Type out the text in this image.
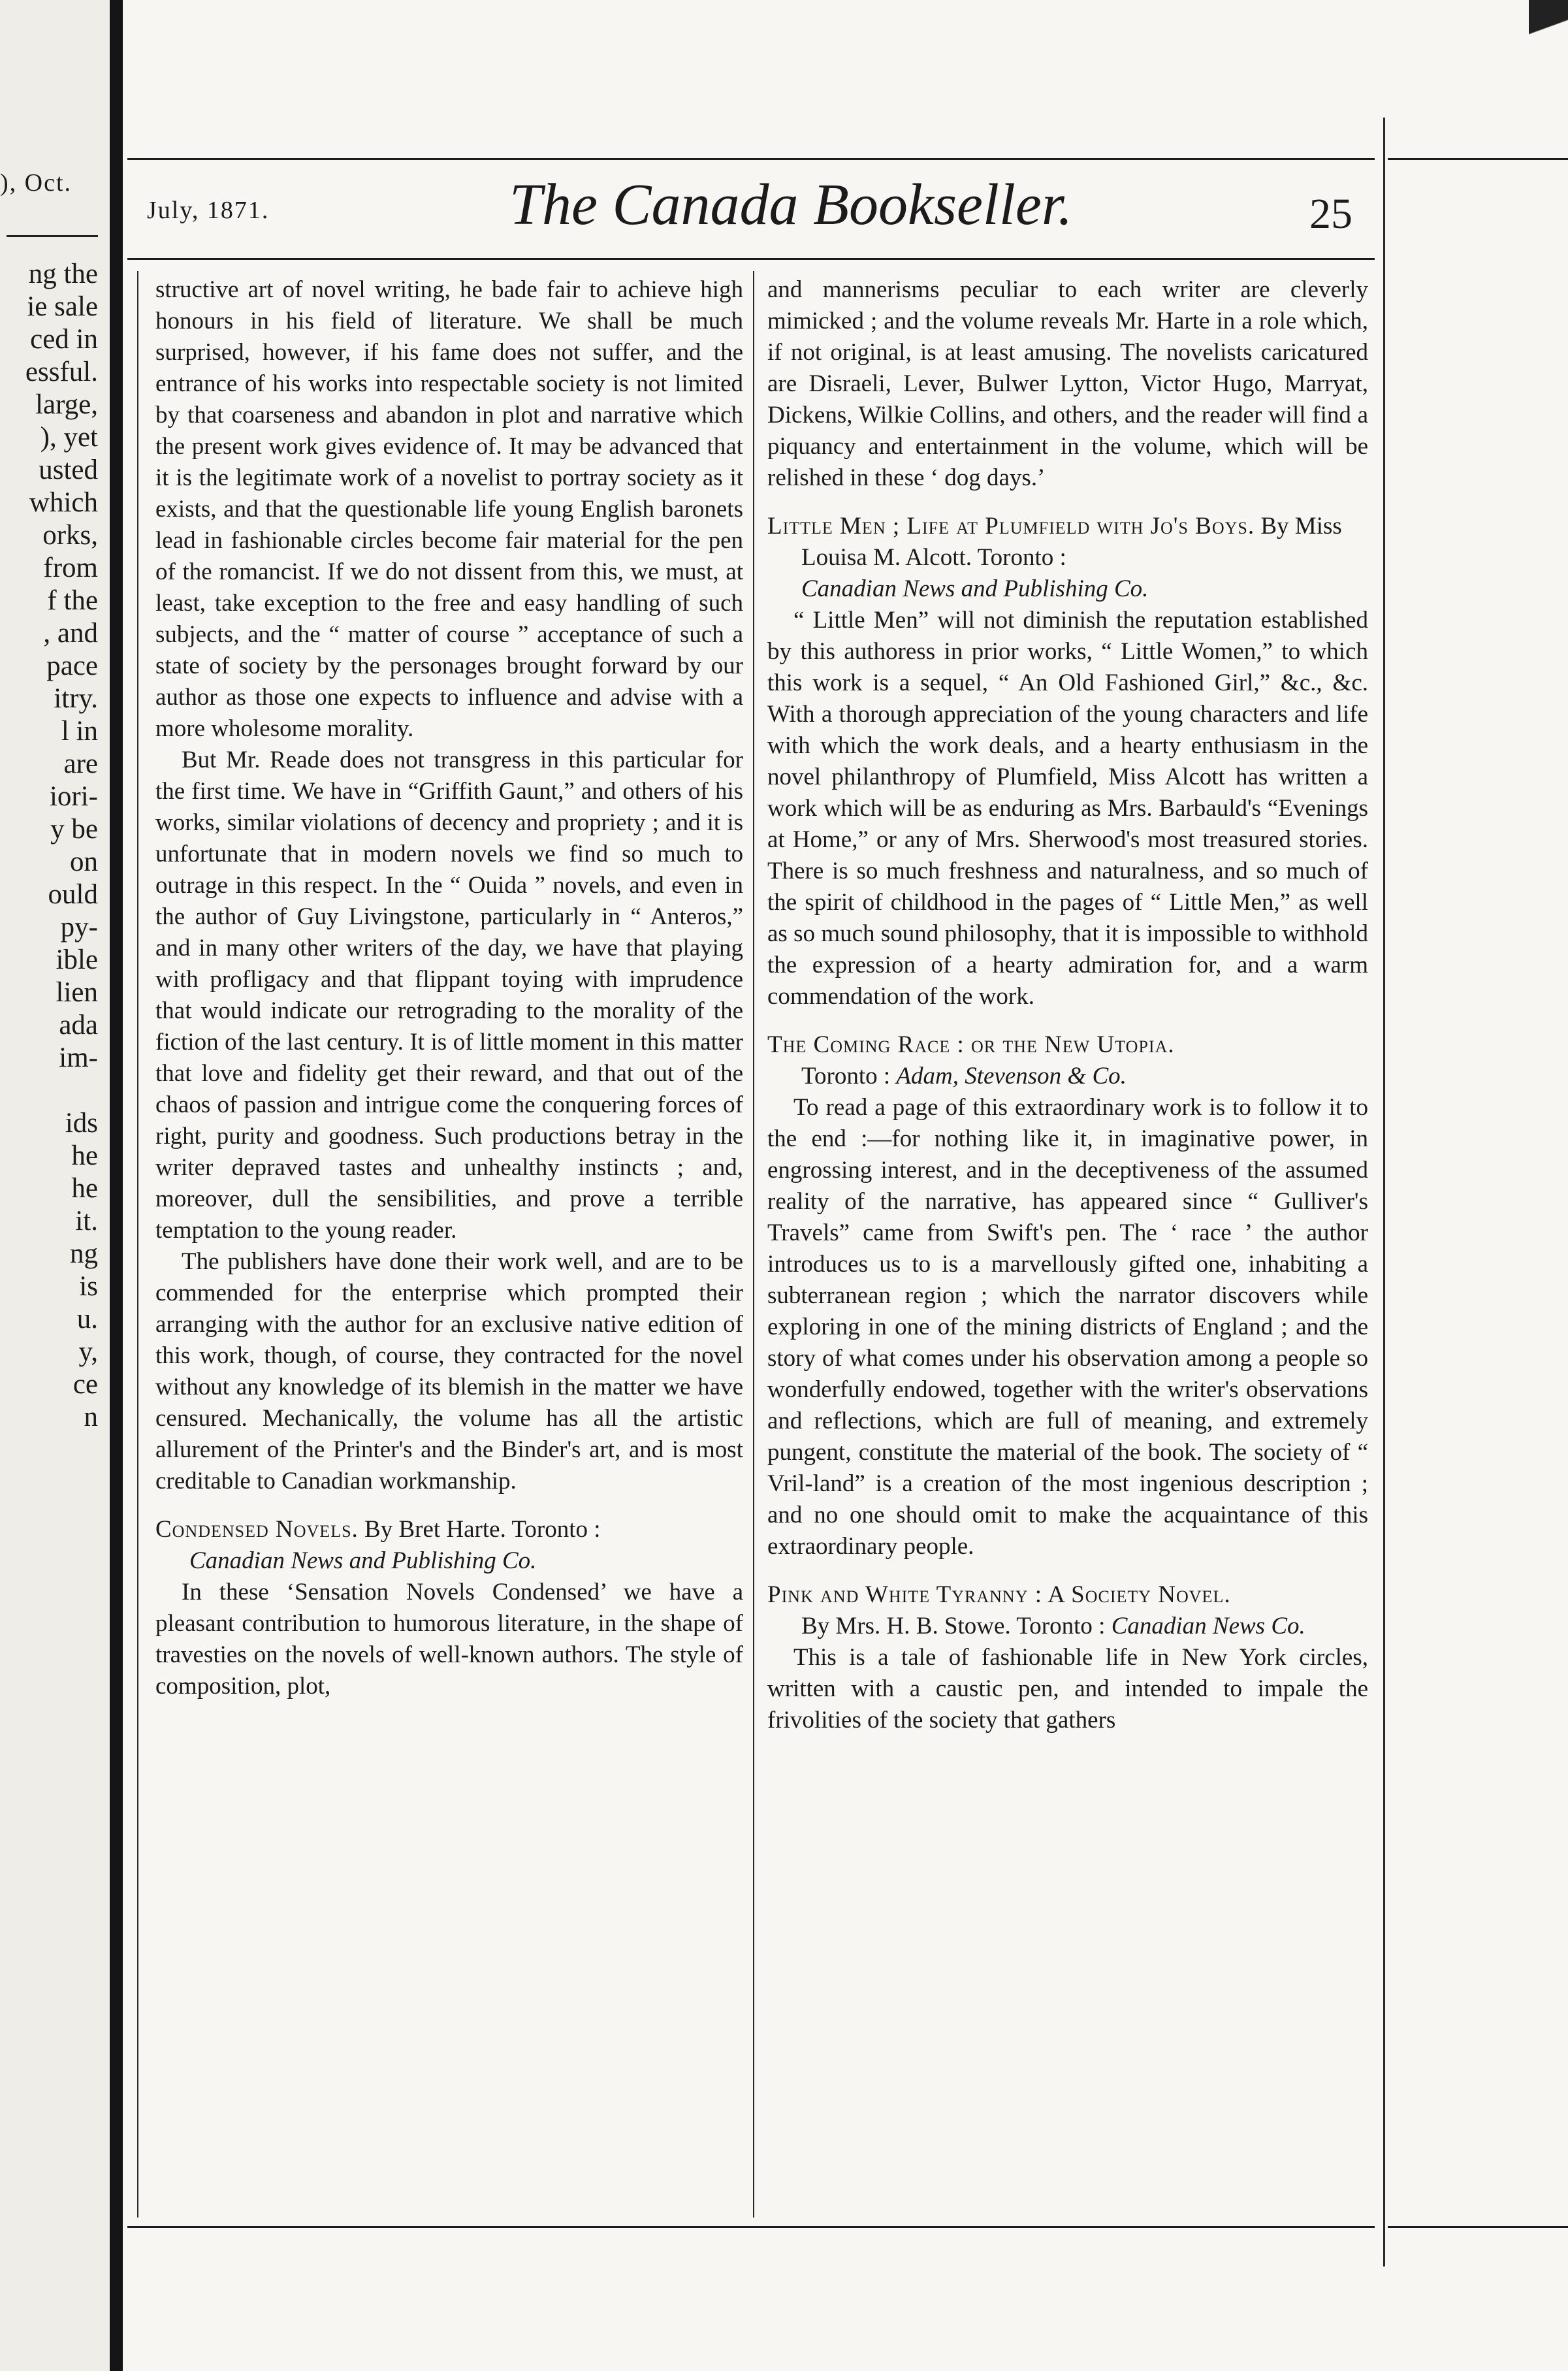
), Oct.
ng the
ie sale
ced in
essful.
large,
), yet
usted
which
orks,
from
f the
, and
pace
itry.
l in
are
iori-
y be
on
ould
py-
ible
lien
ada
im-
ids
he
he
it.
ng
is
u.
y,
ce
n
July, 1871.	The Canada Bookseller.	25

structive art of novel writing, he bade fair to achieve high honours in his field of literature. We shall be much surprised, however, if his fame does not suffer, and the entrance of his works into respectable society is not limited by that coarseness and abandon in plot and narrative which the present work gives evidence of. It may be advanced that it is the legitimate work of a novelist to portray society as it exists, and that the questionable life young English baronets lead in fashionable circles become fair material for the pen of the romancist. If we do not dissent from this, we must, at least, take exception to the free and easy handling of such subjects, and the “ matter of course ” acceptance of such a state of society by the personages brought forward by our author as those one expects to influence and advise with a more wholesome morality.

But Mr. Reade does not transgress in this particular for the first time. We have in “Griffith Gaunt,” and others of his works, similar violations of decency and propriety ; and it is unfortunate that in modern novels we find so much to outrage in this respect. In the “ Ouida ” novels, and even in the author of Guy Livingstone, particularly in “ Anteros,” and in many other writers of the day, we have that playing with profligacy and that flippant toying with imprudence that would indicate our retrograding to the morality of the fiction of the last century. It is of little moment in this matter that love and fidelity get their reward, and that out of the chaos of passion and intrigue come the conquering forces of right, purity and goodness. Such productions betray in the writer depraved tastes and unhealthy instincts ; and, moreover, dull the sensibilities, and prove a terrible temptation to the young reader.

The publishers have done their work well, and are to be commended for the enterprise which prompted their arranging with the author for an exclusive native edition of this work, though, of course, they contracted for the novel without any knowledge of its blemish in the matter we have censured. Mechanically, the volume has all the artistic allurement of the Printer's and the Binder's art, and is most creditable to Canadian workmanship.

Condensed Novels. By Bret Harte. Toronto :
Canadian News and Publishing Co.

In these ‘Sensation Novels Condensed’ we have a pleasant contribution to humorous literature, in the shape of travesties on the novels of well-known authors. The style of composition, plot,

and mannerisms peculiar to each writer are cleverly mimicked ; and the volume reveals Mr. Harte in a role which, if not original, is at least amusing. The novelists caricatured are Disraeli, Lever, Bulwer Lytton, Victor Hugo, Marryat, Dickens, Wilkie Collins, and others, and the reader will find a piquancy and entertainment in the volume, which will be relished in these ‘ dog days.’

Little Men ; Life at Plumfield with Jo's Boys. By Miss Louisa M. Alcott. Toronto :
Canadian News and Publishing Co.

“ Little Men” will not diminish the reputation established by this authoress in prior works, “ Little Women,” to which this work is a sequel, “ An Old Fashioned Girl,” &c., &c. With a thorough appreciation of the young characters and life with which the work deals, and a hearty enthusiasm in the novel philanthropy of Plumfield, Miss Alcott has written a work which will be as enduring as Mrs. Barbauld's “Evenings at Home,” or any of Mrs. Sherwood's most treasured stories. There is so much freshness and naturalness, and so much of the spirit of childhood in the pages of “ Little Men,” as well as so much sound philosophy, that it is impossible to withhold the expression of a hearty admiration for, and a warm commendation of the work.

The Coming Race : or the New Utopia.
Toronto : Adam, Stevenson & Co.

To read a page of this extraordinary work is to follow it to the end :—for nothing like it, in imaginative power, in engrossing interest, and in the deceptiveness of the assumed reality of the narrative, has appeared since “ Gulliver's Travels” came from Swift's pen. The ‘ race ’ the author introduces us to is a marvellously gifted one, inhabiting a subterranean region ; which the narrator discovers while exploring in one of the mining districts of England ; and the story of what comes under his observation among a people so wonderfully endowed, together with the writer's observations and reflections, which are full of meaning, and extremely pungent, constitute the material of the book. The society of “ Vril-land” is a creation of the most ingenious description ; and no one should omit to make the acquaintance of this extraordinary people.

Pink and White Tyranny : A Society Novel.
By Mrs. H. B. Stowe. Toronto : Canadian News Co.

This is a tale of fashionable life in New York circles, written with a caustic pen, and intended to impale the frivolities of the society that gathers
